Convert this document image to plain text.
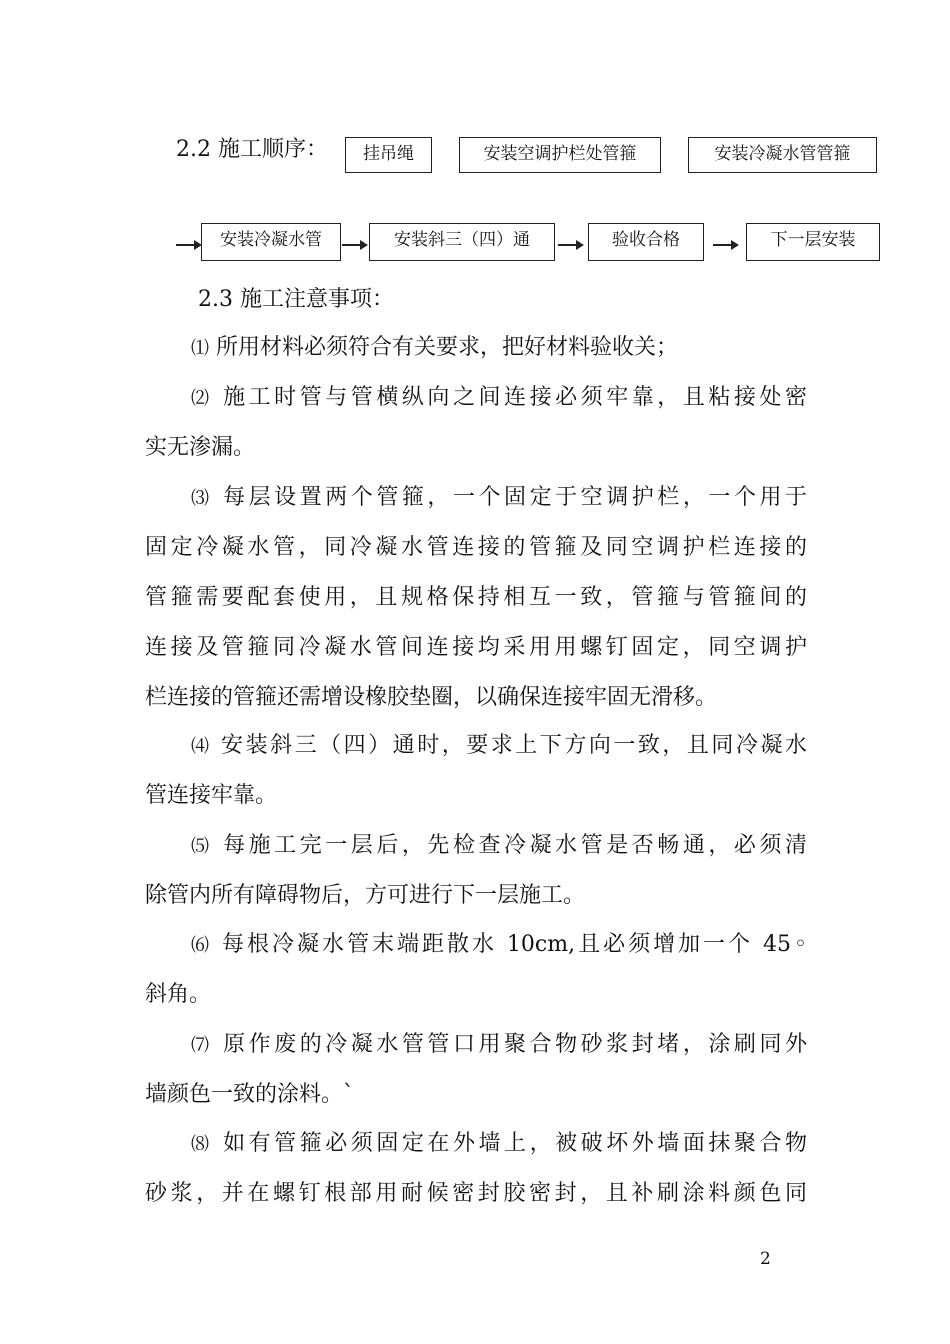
2.2 施工顺序：	挂吊绳	安装空调护栏处管箍	安装冷凝水管管箍
安装冷凝水管	安装斜三（四）通	验收合格	下一层安装
2.3 施工注意事项：
⑴ 所用材料必须符合有关要求，把好材料验收关；
⑵ 施工时管与管横纵向之间连接必须牢靠，且粘接处密
实无渗漏。
⑶ 每层设置两个管箍，一个固定于空调护栏，一个用于
固定冷凝水管，同冷凝水管连接的管箍及同空调护栏连接的
管箍需要配套使用，且规格保持相互一致，管箍与管箍间的
连接及管箍同冷凝水管间连接均采用用螺钉固定，同空调护
栏连接的管箍还需增设橡胶垫圈，以确保连接牢固无滑移。
⑷ 安装斜三（四）通时，要求上下方向一致，且同冷凝水
管连接牢靠。
⑸ 每施工完一层后，先检查冷凝水管是否畅通，必须清
除管内所有障碍物后，方可进行下一层施工。
⑹ 每根冷凝水管末端距散水 10cm,且必须增加一个 45◦
斜角。
⑺ 原作废的冷凝水管管口用聚合物砂浆封堵，涂刷同外
墙颜色一致的涂料。`
⑻ 如有管箍必须固定在外墙上，被破坏外墙面抹聚合物
砂浆，并在螺钉根部用耐候密封胶密封，且补刷涂料颜色同
2
